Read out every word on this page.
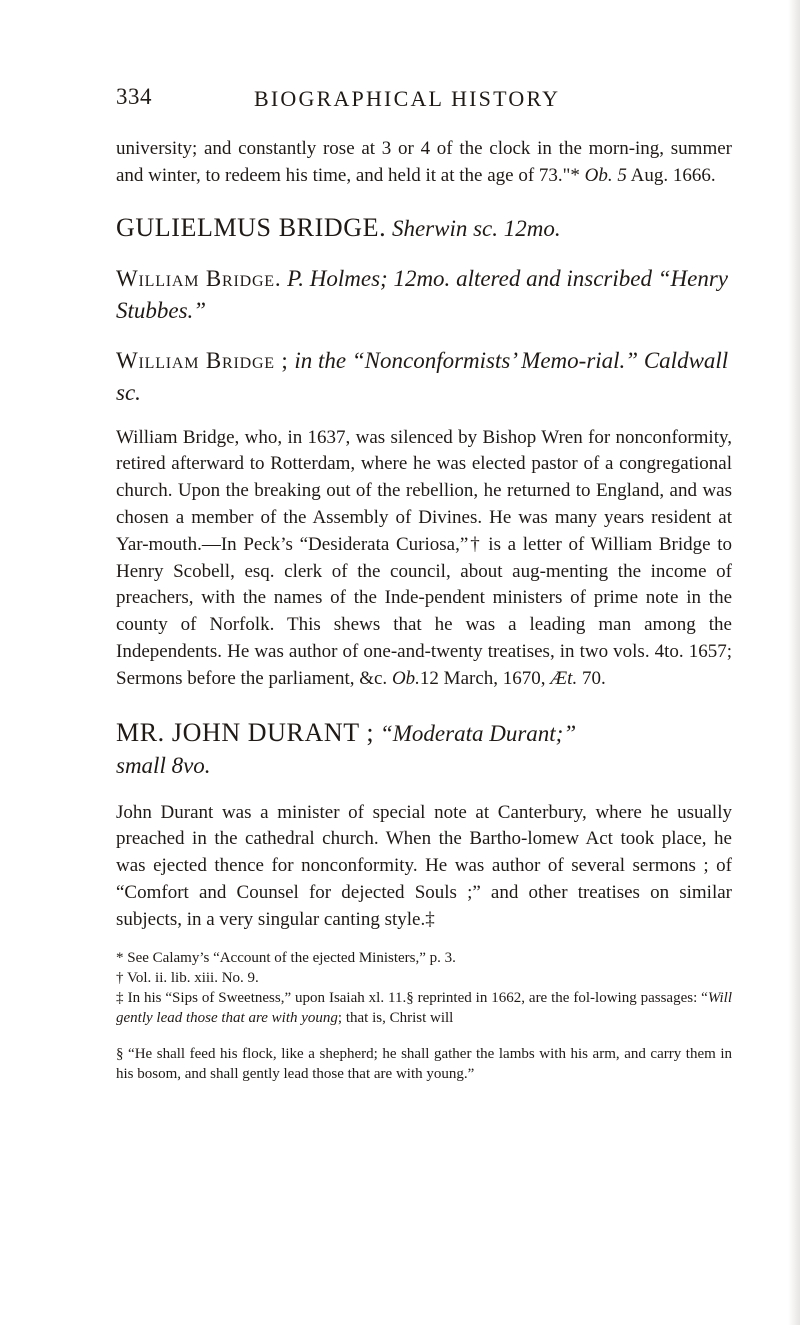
334	BIOGRAPHICAL HISTORY

university; and constantly rose at 3 or 4 of the clock in the morn-ing, summer and winter, to redeem his time, and held it at the age of 73."* Ob. 5 Aug. 1666.

GULIELMUS BRIDGE. Sherwin sc. 12mo.

William Bridge. P. Holmes; 12mo. altered and inscribed “Henry Stubbes.”

William Bridge ; in the “Nonconformists’ Memo-rial.” Caldwall sc.

William Bridge, who, in 1637, was silenced by Bishop Wren for nonconformity, retired afterward to Rotterdam, where he was elected pastor of a congregational church. Upon the breaking out of the rebellion, he returned to England, and was chosen a member of the Assembly of Divines. He was many years resident at Yar-mouth.—In Peck’s “Desiderata Curiosa,”† is a letter of William Bridge to Henry Scobell, esq. clerk of the council, about aug-menting the income of preachers, with the names of the Inde-pendent ministers of prime note in the county of Norfolk. This shews that he was a leading man among the Independents. He was author of one-and-twenty treatises, in two vols. 4to. 1657; Sermons before the parliament, &c. Ob.12 March, 1670, Æt. 70.

MR. JOHN DURANT ; “Moderata Durant;”
small 8vo.

John Durant was a minister of special note at Canterbury, where he usually preached in the cathedral church. When the Bartho-lomew Act took place, he was ejected thence for nonconformity. He was author of several sermons ; of “Comfort and Counsel for dejected Souls ;” and other treatises on similar subjects, in a very singular canting style.‡

* See Calamy’s “Account of the ejected Ministers,” p. 3.
† Vol. ii. lib. xiii. No. 9.
‡ In his “Sips of Sweetness,” upon Isaiah xl. 11.§ reprinted in 1662, are the fol-lowing passages: “Will gently lead those that are with young; that is, Christ will
§ “He shall feed his flock, like a shepherd; he shall gather the lambs with his arm, and carry them in his bosom, and shall gently lead those that are with young.”
